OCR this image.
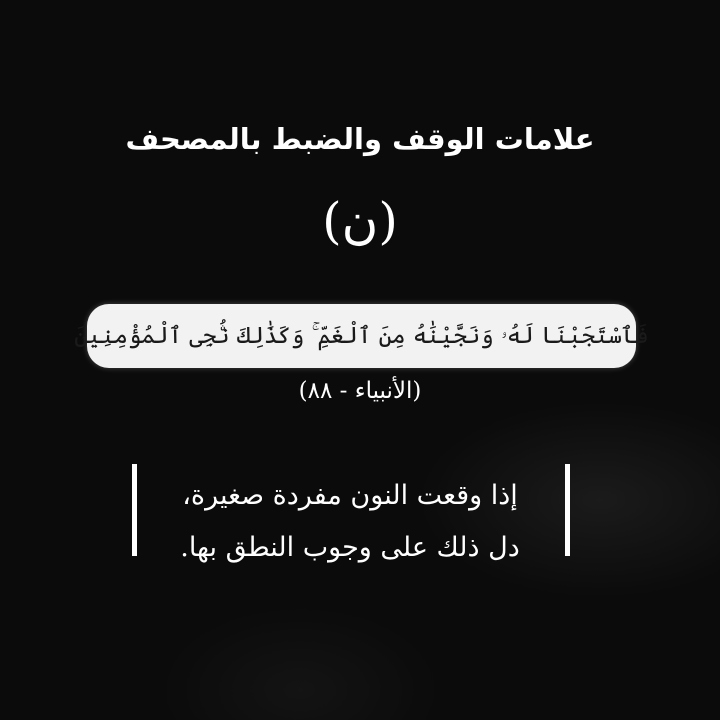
علامات الوقف والضبط بالمصحف
(ن)
فَٱسْتَجَبْنَا لَهُۥ وَنَجَّيْنَٰهُ مِنَ ٱلْغَمِّ ۚ وَكَذَٰلِكَ نُۨجِى ٱلْمُؤْمِنِينَ
(الأنبياء - ٨٨)
إذا وقعت النون مفردة صغيرة،
دل ذلك على وجوب النطق بها.
